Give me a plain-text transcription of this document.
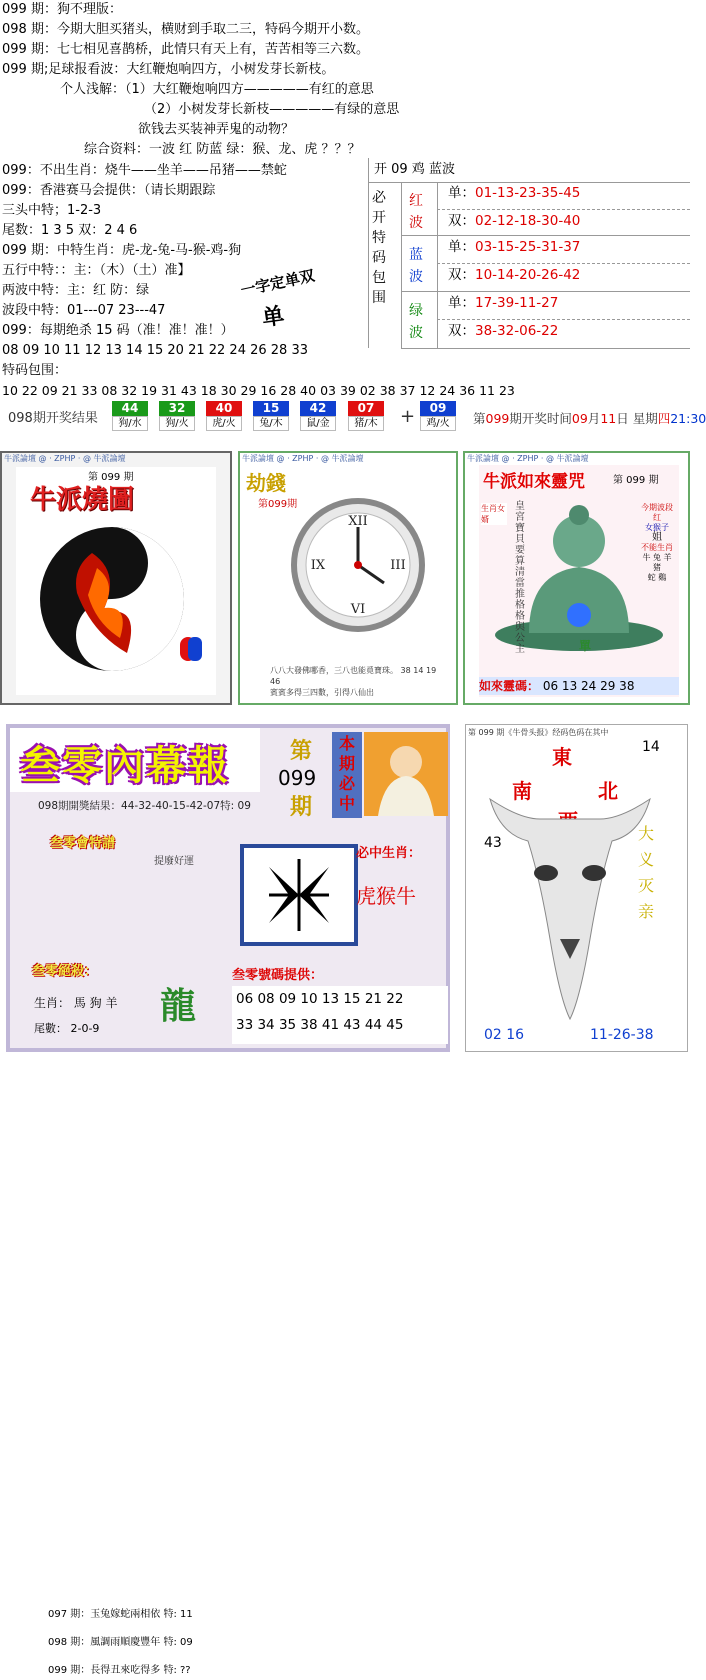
099 期：狗不理版：
098 期：今期大胆买猪头，横财到手取二三，特码今期开小数。
099 期：七七相见喜鹊桥，此情只有天上有，苦苦相等三六数。
099 期;足球报看波：大红鞭炮响四方，小树发芽长新枝。
个人浅解：（1）大红鞭炮响四方—————有红的意思
（2）小树发芽长新枝—————有绿的意思
欲钱去买装神弄鬼的动物？
综合资料：一波 红 防蓝 绿：猴、龙、虎 ？？？
099：不出生肖：烧牛——坐羊——吊猪——禁蛇
099：香港赛马会提供：（请长期跟踪
三头中特；1-2-3
尾数：1 3 5 双：2 4 6
099 期：中特生肖：虎-龙-兔-马-猴-鸡-狗
五行中特：：主：（木）（土）准】
两波中特：主：红 防：绿
波段中特：01---07 23---47
099：每期绝杀 15 码（准！准！准！）
08 09 10 11 12 13 14 15 20 21 22 24 26 28 33
特码包围：
10 22 09 21 33 08 32 19 31 43 18 30 29 16 28 40 03 39 02 38 37 12 24 36 11 23
一字定单双
单
开 09 鸡 蓝波
必开特码包围
红波
单：01-13-23-35-45
双：02-12-18-30-40
蓝波
单：03-15-25-31-37
双：10-14-20-26-42
绿波
单：17-39-11-27
双：38-32-06-22
098期开奖结果
44
狗/水
32
狗/火
40
虎/火
15
兔/木
42
鼠/金
07
猪/木
09
鸡/火
+	第099期开奖时间09月11日 星期四21:30
牛派論壇 @ · ZPHP · @ 牛派論壇
第 099 期
牛派燒圖
牛派論壇 @ · ZPHP · @ 牛派論壇
劫錢
第099期
XII
III
VI
IX
八八大發佛哪香，三八也能覓寶珠。 38 14 19 46
賓賓多得三四數，引得八仙出
牛派論壇 @ · ZPHP · @ 牛派論壇
牛派如來靈咒	第 099 期
生肖女婿
皇宮寶貝要算清 當推格格與公主
今期波段
红
女猴子
姐
不能生肖
牛 兔 羊 猪
蛇 鷄
單
如來靈碼： 06 13 24 29 38
叁零內幕報	第
099
期
本期必中
098期開獎結果：44-32-40-15-42-07特: 09
叁零會特譜
提廢好運
097 期：玉兔嫁蛇兩相依 特: 11
098 期：風調雨順慶豐年 特: 09
099 期：長得丑來吃得多 特: ??
必中生肖：
虎猴牛
叁零絕殺：
生肖： 馬 狗 羊
尾數： 2-0-9
龍
叁零號碼提供：
06 08 09 10 13 15 21 22
33 34 35 38 41 43 44 45
第 099 期《牛骨头报》经码色码在其中
東
南	北
14
43	大 义 灭 亲
02 16	11-26-38
